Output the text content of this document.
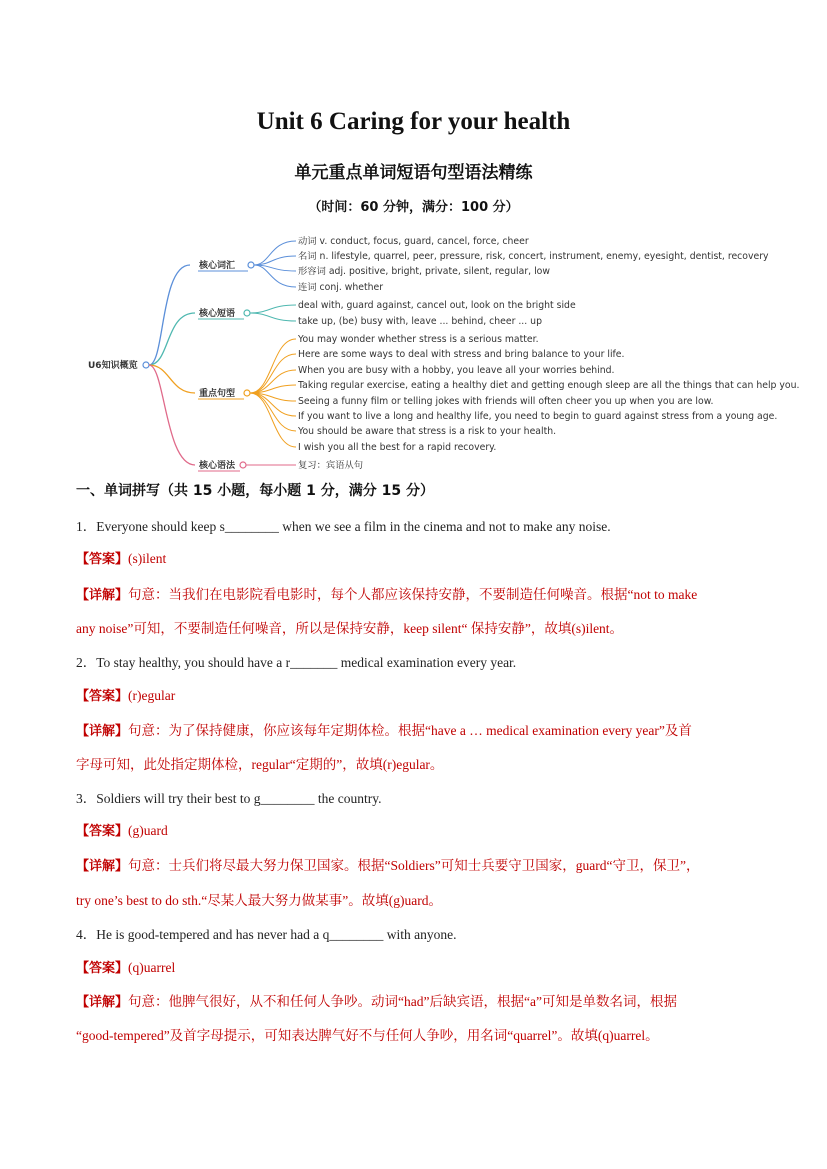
Unit 6 Caring for your health
单元重点单词短语句型语法精练
（时间：60 分钟，满分：100 分）
U6知识概览
核心词汇
动词 v. conduct, focus, guard, cancel, force, cheer
名词 n. lifestyle, quarrel, peer, pressure, risk, concert, instrument, enemy, eyesight, dentist, recovery
形容词 adj. positive, bright, private, silent, regular, low
连词 conj. whether
核心短语
deal with, guard against, cancel out, look on the bright side
take up, (be) busy with, leave ... behind, cheer ... up
重点句型
You may wonder whether stress is a serious matter.
Here are some ways to deal with stress and bring balance to your life.
When you are busy with a hobby, you leave all your worries behind.
Taking regular exercise, eating a healthy diet and getting enough sleep are all the things that can help you.
Seeing a funny film or telling jokes with friends will often cheer you up when you are low.
If you want to live a long and healthy life, you need to begin to guard against stress from a young age.
You should be aware that stress is a risk to your health.
I wish you all the best for a rapid recovery.
核心语法	复习：宾语从句
一、单词拼写（共 15 小题，每小题 1 分，满分 15 分）
1．Everyone should keep s________ when we see a film in the cinema and not to make any noise.
【答案】(s)ilent
【详解】句意：当我们在电影院看电影时，每个人都应该保持安静，不要制造任何噪音。根据“not to make
any noise”可知，不要制造任何噪音，所以是保持安静，keep silent“ 保持安静”，故填(s)ilent。
2．To stay healthy, you should have a r_______ medical examination every year.
【答案】(r)egular
【详解】句意：为了保持健康，你应该每年定期体检。根据“have a … medical examination every year”及首
字母可知，此处指定期体检，regular“定期的”，故填(r)egular。
3．Soldiers will try their best to g________ the country.
【答案】(g)uard
【详解】句意：士兵们将尽最大努力保卫国家。根据“Soldiers”可知士兵要守卫国家，guard“守卫，保卫”，
try one’s best to do sth.“尽某人最大努力做某事”。故填(g)uard。
4．He is good-tempered and has never had a q________ with anyone.
【答案】(q)uarrel
【详解】句意：他脾气很好，从不和任何人争吵。动词“had”后缺宾语，根据“a”可知是单数名词，根据
“good-tempered”及首字母提示，可知表达脾气好不与任何人争吵，用名词“quarrel”。故填(q)uarrel。
